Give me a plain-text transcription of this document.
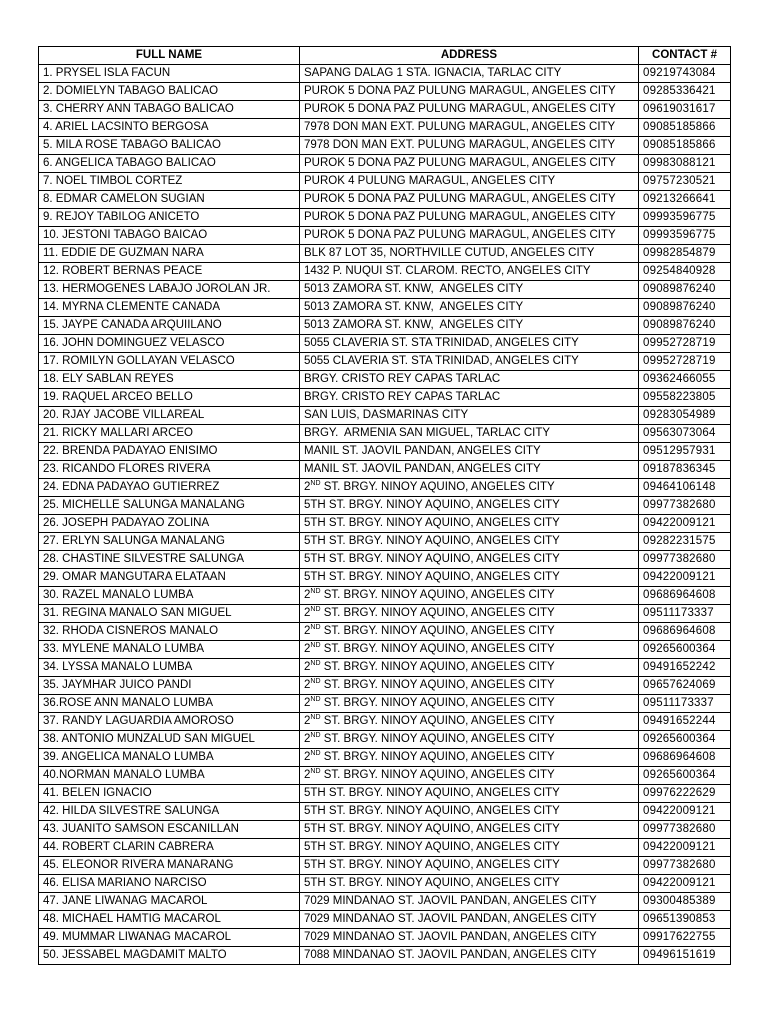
FULL NAME	ADDRESS	CONTACT #
1. PRYSEL ISLA FACUN	SAPANG DALAG 1 STA. IGNACIA, TARLAC CITY	09219743084
2. DOMIELYN TABAGO BALICAO	PUROK 5 DONA PAZ PULUNG MARAGUL, ANGELES CITY	09285336421
3. CHERRY ANN TABAGO BALICAO	PUROK 5 DONA PAZ PULUNG MARAGUL, ANGELES CITY	09619031617
4. ARIEL LACSINTO BERGOSA	7978 DON MAN EXT. PULUNG MARAGUL, ANGELES CITY	09085185866
5. MILA ROSE TABAGO BALICAO	7978 DON MAN EXT. PULUNG MARAGUL, ANGELES CITY	09085185866
6. ANGELICA TABAGO BALICAO	PUROK 5 DONA PAZ PULUNG MARAGUL, ANGELES CITY	09983088121
7. NOEL TIMBOL CORTEZ	PUROK 4 PULUNG MARAGUL, ANGELES CITY	09757230521
8. EDMAR CAMELON SUGIAN	PUROK 5 DONA PAZ PULUNG MARAGUL, ANGELES CITY	09213266641
9. REJOY TABILOG ANICETO	PUROK 5 DONA PAZ PULUNG MARAGUL, ANGELES CITY	09993596775
10. JESTONI TABAGO BAICAO	PUROK 5 DONA PAZ PULUNG MARAGUL, ANGELES CITY	09993596775
11. EDDIE DE GUZMAN NARA	BLK 87 LOT 35, NORTHVILLE CUTUD, ANGELES CITY	09982854879
12. ROBERT BERNAS PEACE	1432 P. NUQUI ST. CLAROM. RECTO, ANGELES CITY	09254840928
13. HERMOGENES LABAJO JOROLAN JR.	5013 ZAMORA ST. KNW,  ANGELES CITY	09089876240
14. MYRNA CLEMENTE CANADA	5013 ZAMORA ST. KNW,  ANGELES CITY	09089876240
15. JAYPE CANADA ARQUIILANO	5013 ZAMORA ST. KNW,  ANGELES CITY	09089876240
16. JOHN DOMINGUEZ VELASCO	5055 CLAVERIA ST. STA TRINIDAD, ANGELES CITY	09952728719
17. ROMILYN GOLLAYAN VELASCO	5055 CLAVERIA ST. STA TRINIDAD, ANGELES CITY	09952728719
18. ELY SABLAN REYES	BRGY. CRISTO REY CAPAS TARLAC	09362466055
19. RAQUEL ARCEO BELLO	BRGY. CRISTO REY CAPAS TARLAC	09558223805
20. RJAY JACOBE VILLAREAL	SAN LUIS, DASMARINAS CITY	09283054989
21. RICKY MALLARI ARCEO	BRGY.  ARMENIA SAN MIGUEL, TARLAC CITY	09563073064
22. BRENDA PADAYAO ENISIMO	MANIL ST. JAOVIL PANDAN, ANGELES CITY	09512957931
23. RICANDO FLORES RIVERA	MANIL ST. JAOVIL PANDAN, ANGELES CITY	09187836345
24. EDNA PADAYAO GUTIERREZ	2ND ST. BRGY. NINOY AQUINO, ANGELES CITY	09464106148
25. MICHELLE SALUNGA MANALANG	5TH ST. BRGY. NINOY AQUINO, ANGELES CITY	09977382680
26. JOSEPH PADAYAO ZOLINA	5TH ST. BRGY. NINOY AQUINO, ANGELES CITY	09422009121
27. ERLYN SALUNGA MANALANG	5TH ST. BRGY. NINOY AQUINO, ANGELES CITY	09282231575
28. CHASTINE SILVESTRE SALUNGA	5TH ST. BRGY. NINOY AQUINO, ANGELES CITY	09977382680
29. OMAR MANGUTARA ELATAAN	5TH ST. BRGY. NINOY AQUINO, ANGELES CITY	09422009121
30. RAZEL MANALO LUMBA	2ND ST. BRGY. NINOY AQUINO, ANGELES CITY	09686964608
31. REGINA MANALO SAN MIGUEL	2ND ST. BRGY. NINOY AQUINO, ANGELES CITY	09511173337
32. RHODA CISNEROS MANALO	2ND ST. BRGY. NINOY AQUINO, ANGELES CITY	09686964608
33. MYLENE MANALO LUMBA	2ND ST. BRGY. NINOY AQUINO, ANGELES CITY	09265600364
34. LYSSA MANALO LUMBA	2ND ST. BRGY. NINOY AQUINO, ANGELES CITY	09491652242
35. JAYMHAR JUICO PANDI	2ND ST. BRGY. NINOY AQUINO, ANGELES CITY	09657624069
36.ROSE ANN MANALO LUMBA	2ND ST. BRGY. NINOY AQUINO, ANGELES CITY	09511173337
37. RANDY LAGUARDIA AMOROSO	2ND ST. BRGY. NINOY AQUINO, ANGELES CITY	09491652244
38. ANTONIO MUNZALUD SAN MIGUEL	2ND ST. BRGY. NINOY AQUINO, ANGELES CITY	09265600364
39. ANGELICA MANALO LUMBA	2ND ST. BRGY. NINOY AQUINO, ANGELES CITY	09686964608
40.NORMAN MANALO LUMBA	2ND ST. BRGY. NINOY AQUINO, ANGELES CITY	09265600364
41. BELEN IGNACIO	5TH ST. BRGY. NINOY AQUINO, ANGELES CITY	09976222629
42. HILDA SILVESTRE SALUNGA	5TH ST. BRGY. NINOY AQUINO, ANGELES CITY	09422009121
43. JUANITO SAMSON ESCANILLAN	5TH ST. BRGY. NINOY AQUINO, ANGELES CITY	09977382680
44. ROBERT CLARIN CABRERA	5TH ST. BRGY. NINOY AQUINO, ANGELES CITY	09422009121
45. ELEONOR RIVERA MANARANG	5TH ST. BRGY. NINOY AQUINO, ANGELES CITY	09977382680
46. ELISA MARIANO NARCISO	5TH ST. BRGY. NINOY AQUINO, ANGELES CITY	09422009121
47. JANE LIWANAG MACAROL	7029 MINDANAO ST. JAOVIL PANDAN, ANGELES CITY	09300485389
48. MICHAEL HAMTIG MACAROL	7029 MINDANAO ST. JAOVIL PANDAN, ANGELES CITY	09651390853
49. MUMMAR LIWANAG MACAROL	7029 MINDANAO ST. JAOVIL PANDAN, ANGELES CITY	09917622755
50. JESSABEL MAGDAMIT MALTO	7088 MINDANAO ST. JAOVIL PANDAN, ANGELES CITY	09496151619
